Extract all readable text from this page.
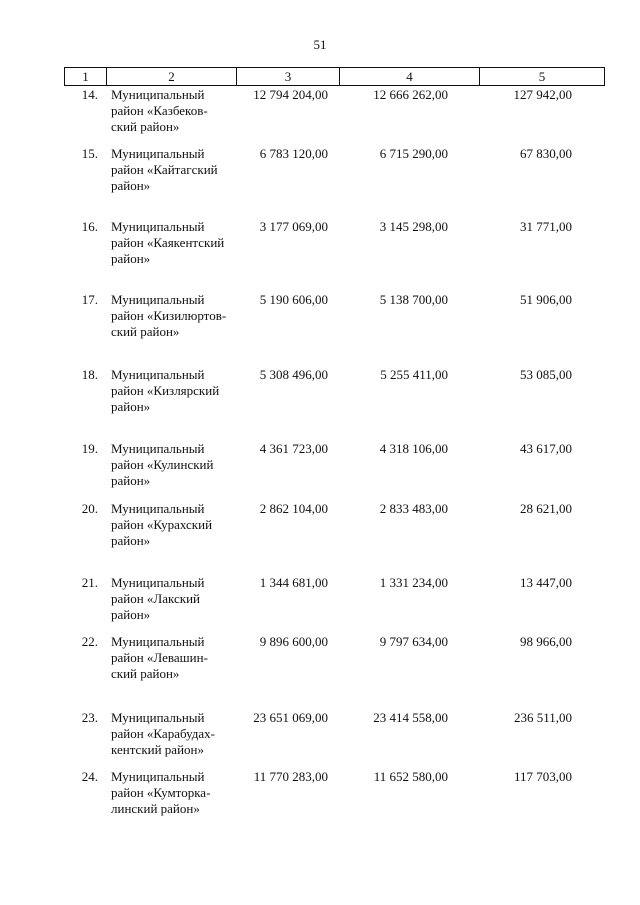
51
1	2	3	4	5
14. Муниципальный
район «Казбеков-
ский район»
12 794 204,00	12 666 262,00	127 942,00
15. Муниципальный
район «Кайтагский
район»
6 783 120,00	6 715 290,00	67 830,00
16. Муниципальный
район «Каякентский
район»
3 177 069,00	3 145 298,00	31 771,00
17. Муниципальный
район «Кизилюртов-
ский район»
5 190 606,00	5 138 700,00	51 906,00
18. Муниципальный
район «Кизлярский
район»
5 308 496,00	5 255 411,00	53 085,00
19. Муниципальный
район «Кулинский
район»
4 361 723,00	4 318 106,00	43 617,00
20. Муниципальный
район «Курахский
район»
2 862 104,00	2 833 483,00	28 621,00
21. Муниципальный
район «Лакский
район»
1 344 681,00	1 331 234,00	13 447,00
22. Муниципальный
район «Левашин-
ский район»
9 896 600,00	9 797 634,00	98 966,00
23. Муниципальный
район «Карабудах-
кентский район»
23 651 069,00	23 414 558,00	236 511,00
24. Муниципальный
район «Кумторка-
линский район»
11 770 283,00	11 652 580,00	117 703,00
